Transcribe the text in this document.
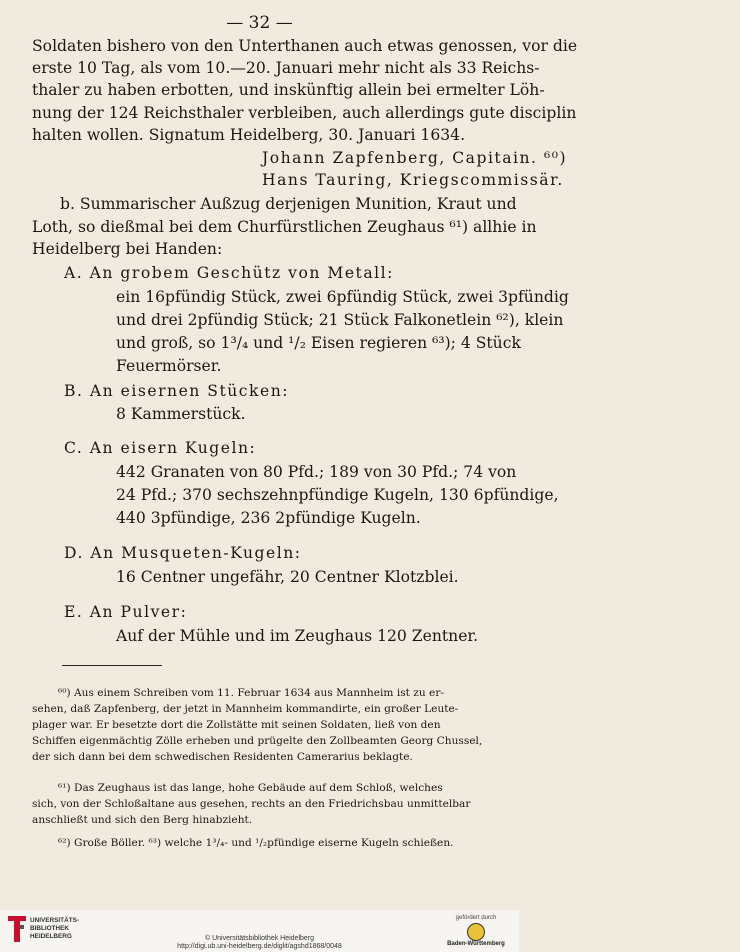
— 32 —
Soldaten bishero von den Unterthanen auch etwas genossen, vor die
erste 10 Tag, als vom 10.—20. Januari mehr nicht als 33 Reichs-
thaler zu haben erbotten, und inskünftig allein bei ermelter Löh-
nung der 124 Reichsthaler verbleiben, auch allerdings gute disciplin
halten wollen. Signatum Heidelberg, 30. Januari 1634.
Johann Zapfenberg, Capitain. ⁶⁰)
Hans Tauring, Kriegscommissär.
b. Summarischer Außzug derjenigen Munition, Kraut und
Loth, so dießmal bei dem Churfürstlichen Zeughaus ⁶¹) allhie in
Heidelberg bei Handen:
A. An grobem Geschütz von Metall:
ein 16pfündig Stück, zwei 6pfündig Stück, zwei 3pfündig
und drei 2pfündig Stück; 21 Stück Falkonetlein ⁶²), klein
und groß, so 1³/₄ und ¹/₂ Eisen regieren ⁶³); 4 Stück
Feuermörser.
B. An eisernen Stücken:
8 Kammerstück.
C. An eisern Kugeln:
442 Granaten von 80 Pfd.; 189 von 30 Pfd.; 74 von
24 Pfd.; 370 sechszehnpfündige Kugeln, 130 6pfündige,
440 3pfündige, 236 2pfündige Kugeln.
D. An Musqueten-Kugeln:
16 Centner ungefähr, 20 Centner Klotzblei.
E. An Pulver:
Auf der Mühle und im Zeughaus 120 Zentner.
⁶⁰) Aus einem Schreiben vom 11. Februar 1634 aus Mannheim ist zu er-
sehen, daß Zapfenberg, der jetzt in Mannheim kommandirte, ein großer Leute-
plager war. Er besetzte dort die Zollstätte mit seinen Soldaten, ließ von den
Schiffen eigenmächtig Zölle erheben und prügelte den Zollbeamten Georg Chussel,
der sich dann bei dem schwedischen Residenten Camerarius beklagte.
⁶¹) Das Zeughaus ist das lange, hohe Gebäude auf dem Schloß, welches
sich, von der Schloßaltane aus gesehen, rechts an den Friedrichsbau unmittelbar
anschließt und sich den Berg hinabzieht.
⁶²) Große Böller. ⁶³) welche 1³/₄- und ¹/₂pfündige eiserne Kugeln schießen.
UNIVERSITÄTS-
BIBLIOTHEK
HEIDELBERG	© Universitätsbibliothek Heidelberg
http://digi.ub.uni-heidelberg.de/diglit/agshd1868/0048
gefördert durch
Baden-Württemberg
